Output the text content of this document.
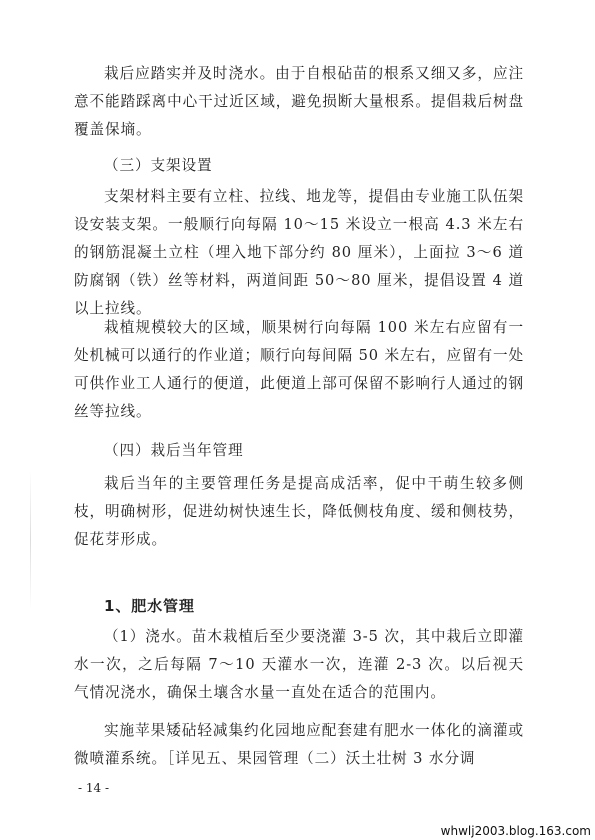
栽后应踏实并及时浇水。由于自根砧苗的根系又细又多，应注意不能踏踩离中心干过近区域，避免损断大量根系。提倡栽后树盘覆盖保墒。

（三）支架设置

支架材料主要有立柱、拉线、地龙等，提倡由专业施工队伍架设安装支架。一般顺行向每隔 10～15 米设立一根高 4.3 米左右的钢筋混凝土立柱（埋入地下部分约 80 厘米），上面拉 3～6 道防腐钢（铁）丝等材料，两道间距 50～80 厘米，提倡设置 4 道以上拉线。

栽植规模较大的区域，顺果树行向每隔 100 米左右应留有一处机械可以通行的作业道；顺行向每间隔 50 米左右，应留有一处可供作业工人通行的便道，此便道上部可保留不影响行人通过的钢丝等拉线。

（四）栽后当年管理

栽后当年的主要管理任务是提高成活率，促中干萌生较多侧枝，明确树形，促进幼树快速生长，降低侧枝角度、缓和侧枝势，促花芽形成。

1、肥水管理

（1）浇水。苗木栽植后至少要浇灌 3-5 次，其中栽后立即灌水一次，之后每隔 7～10 天灌水一次，连灌 2-3 次。以后视天气情况浇水，确保土壤含水量一直处在适合的范围内。

实施苹果矮砧轻减集约化园地应配套建有肥水一体化的滴灌或微喷灌系统。［详见五、果园管理（二）沃土壮树 3 水分调

- 14 -
whwlj2003.blog.163.com
